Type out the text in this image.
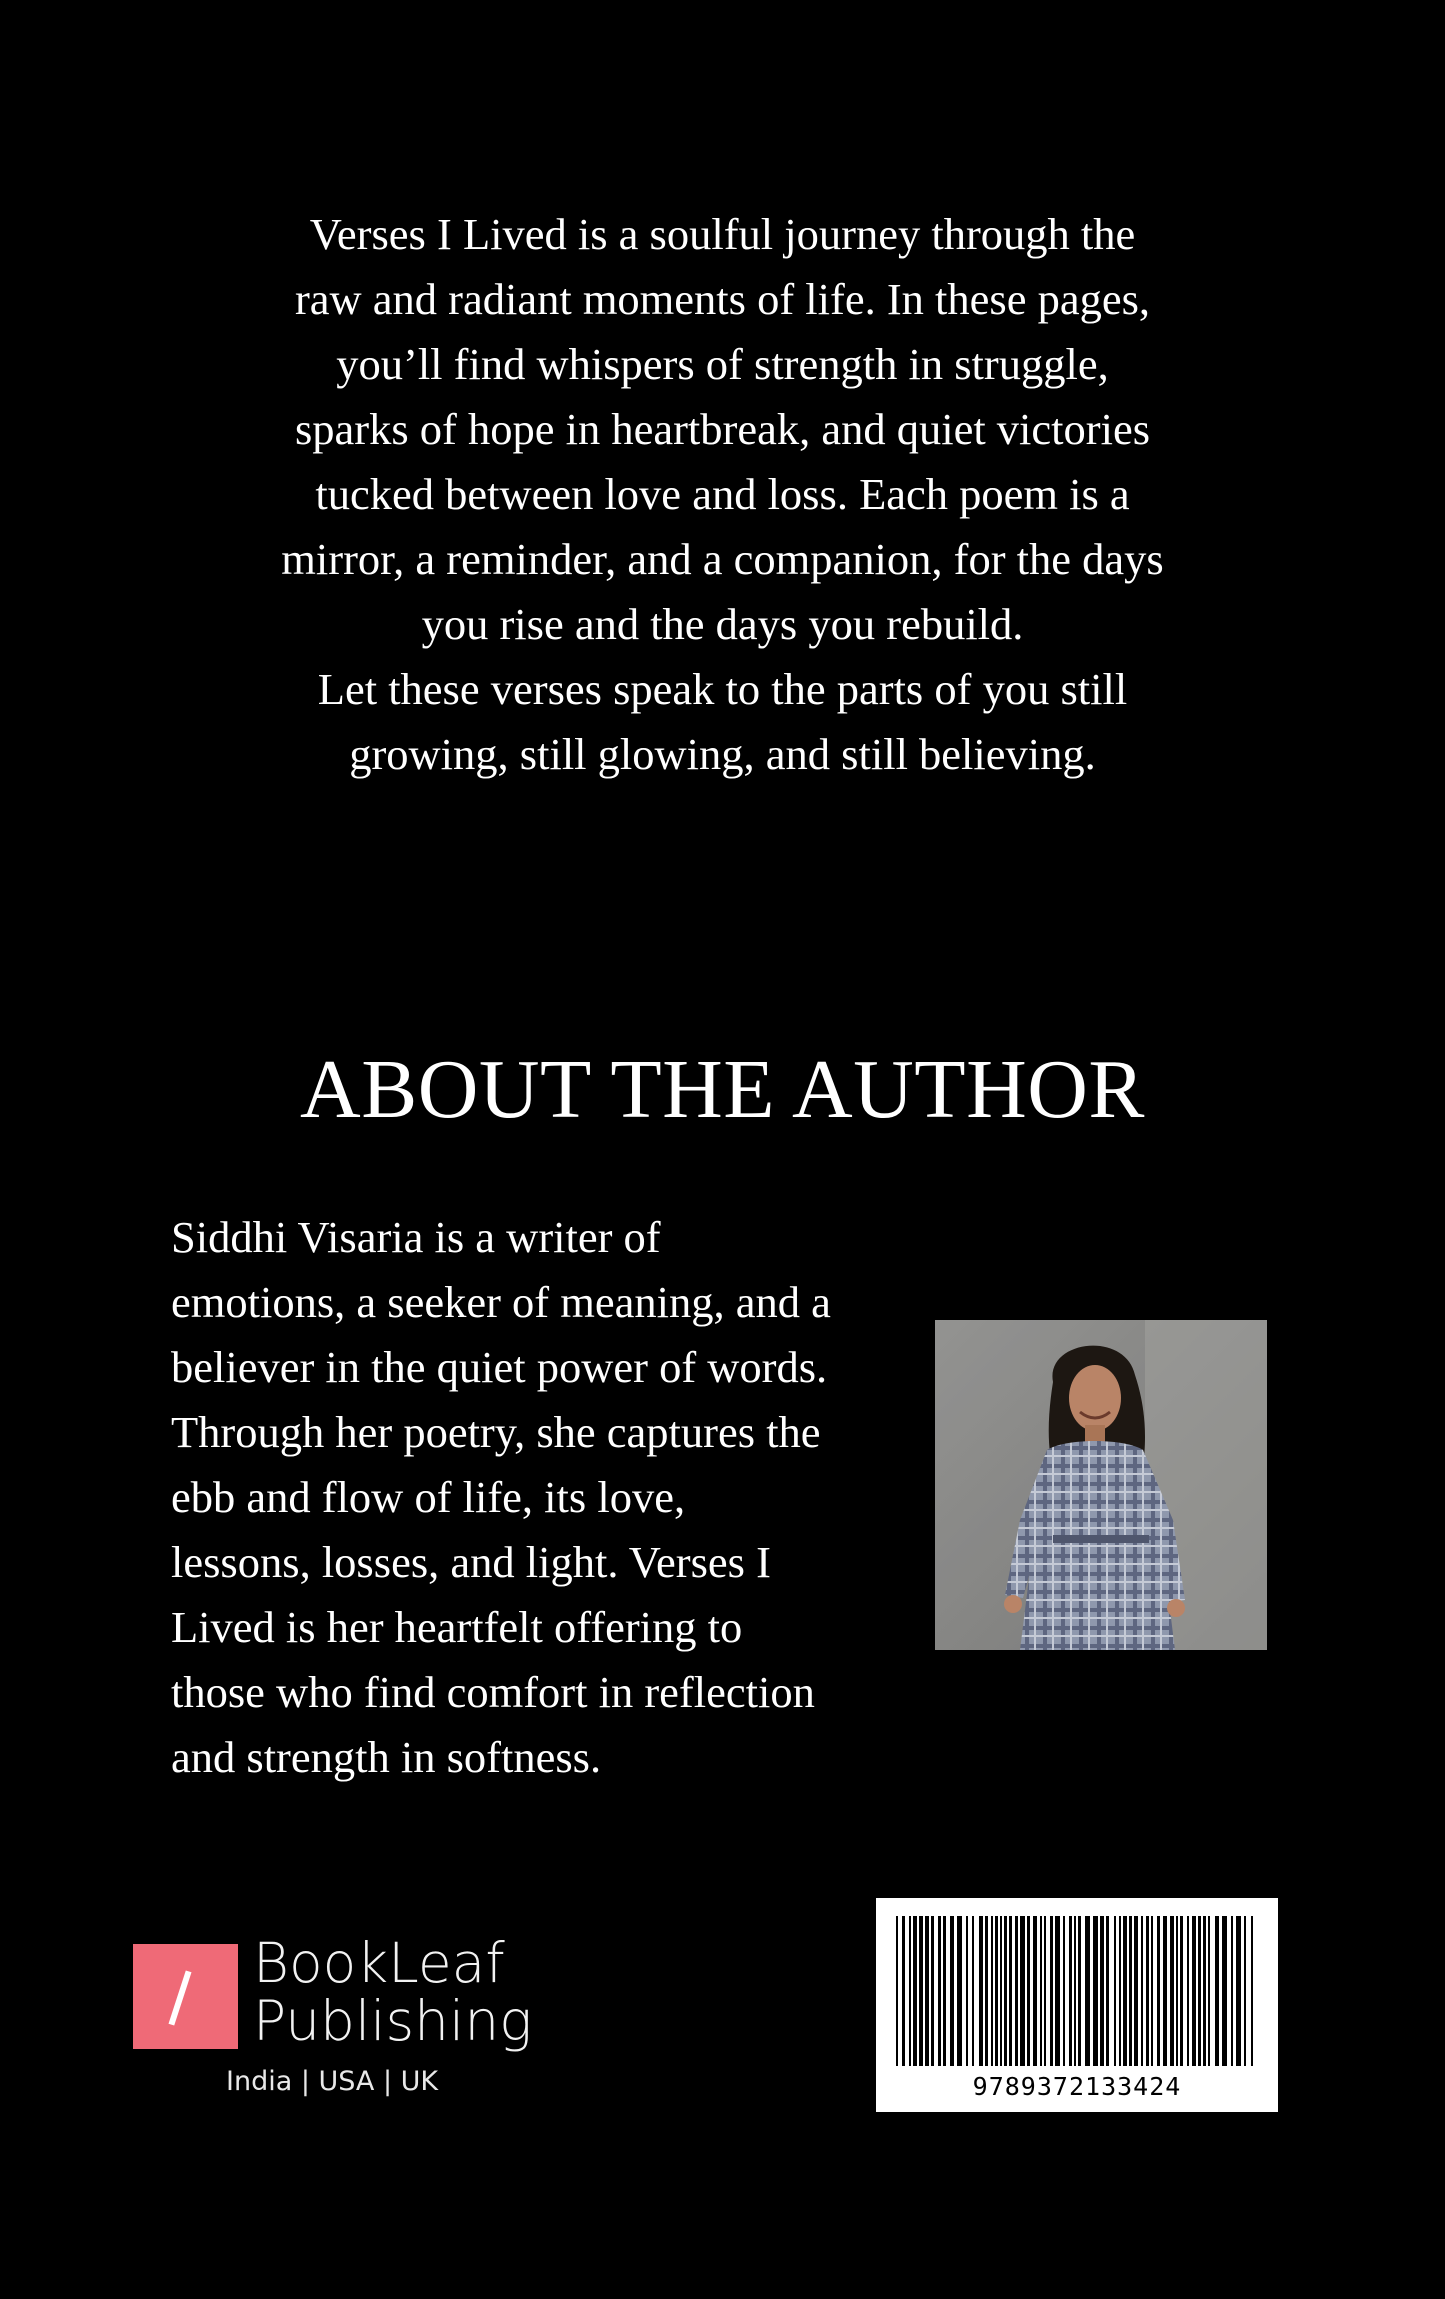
Verses I Lived is a soulful journey through the

raw and radiant moments of life. In these pages,

you’ll find whispers of strength in struggle,

sparks of hope in heartbreak, and quiet victories

tucked between love and loss. Each poem is a

mirror, a reminder, and a companion, for the days

you rise and the days you rebuild.

Let these verses speak to the parts of you still

growing, still glowing, and still believing.

ABOUT THE AUTHOR
Siddhi Visaria is a writer of
emotions, a seeker of meaning, and a
believer in the quiet power of words.
Through her poetry, she captures the
ebb and flow of life, its love,
lessons, losses, and light. Verses I
Lived is her heartfelt offering to
those who find comfort in reflection
and strength in softness.
BookLeaf
Publishing
India | USA | UK	9789372133424
